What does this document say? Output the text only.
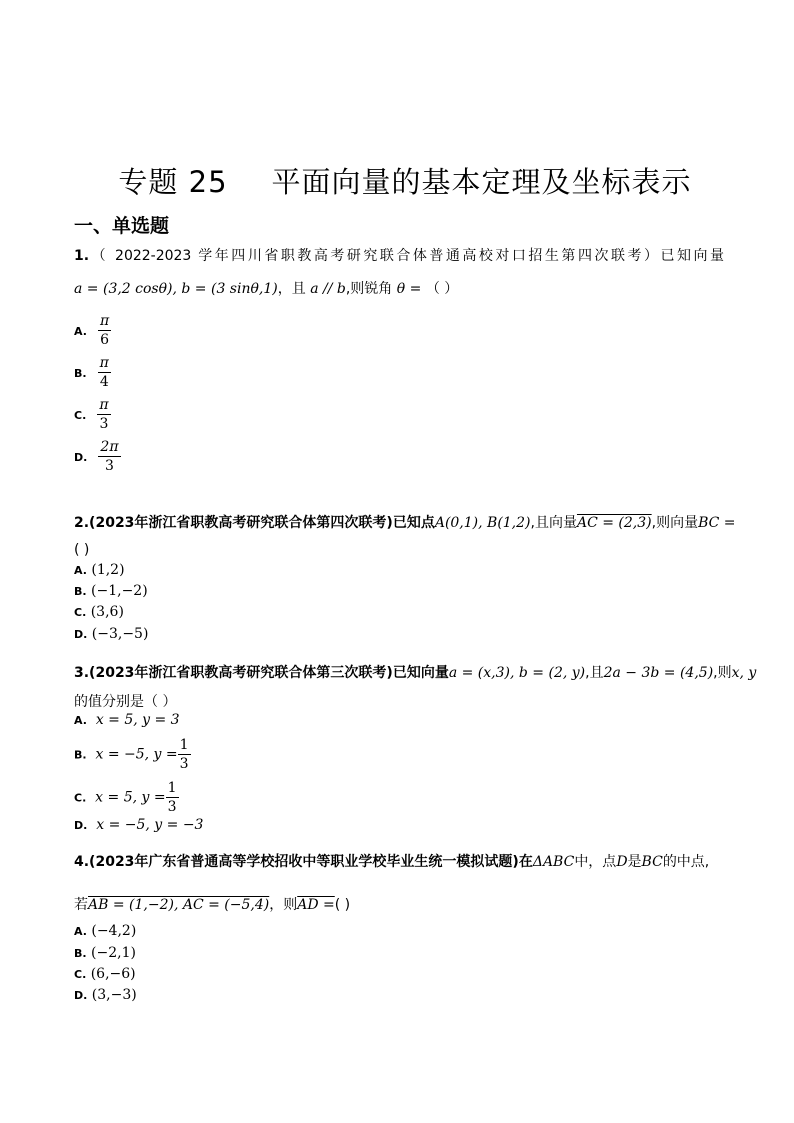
专题 25 平面向量的基本定理及坐标表示
一、单选题
1.（ 2022-2023 学年四川省职教高考研究联合体普通高校对口招生第四次联考）已知向量
a = (3,2 cosθ), b = (3 sinθ,1)，且 a // b,则锐角 θ = （ ）
A. $\frac{\pi}{6}$
B. $\frac{\pi}{4}$
C. $\frac{\pi}{3}$
D. $\frac{2\pi}{3}$
2.(2023年浙江省职教高考研究联合体第四次联考)已知点A(0,1), B(1,2),且向量AC = (2,3),则向量BC =
( )
A. (1,2)
B. (−1,−2)
C. (3,6)
D. (−3,−5)
3.(2023年浙江省职教高考研究联合体第三次联考)已知向量a = (x,3), b = (2, y),且2a − 3b = (4,5),则x, y
的值分别是（ ）
A. x = 5, y = 3
B. x = −5, $y = \frac{1}{3}$
C. x = 5, $y = \frac{1}{3}$
D. x = −5, y = −3
4.(2023年广东省普通高等学校招收中等职业学校毕业生统一模拟试题)在ΔABC中，点D是BC的中点,
若AB = (1,−2), AC = (−5,4)，则AD =( )
A. (−4,2)
B. (−2,1)
C. (6,−6)
D. (3,−3)
